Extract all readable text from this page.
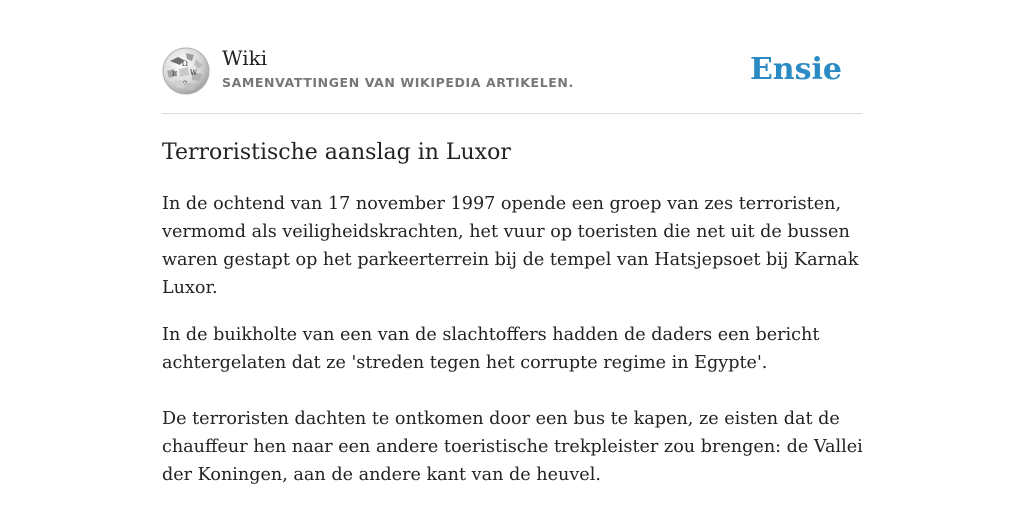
Ω
W
И
ウ
Wiki
SAMENVATTINGEN VAN WIKIPEDIA ARTIKELEN.	Ensie
Terroristische aanslag in Luxor

In de ochtend van 17 november 1997 opende een groep van zes terroristen,
vermomd als veiligheidskrachten, het vuur op toeristen die net uit de bussen
waren gestapt op het parkeerterrein bij de tempel van Hatsjepsoet bij Karnak
Luxor.

In de buikholte van een van de slachtoffers hadden de daders een bericht
achtergelaten dat ze 'streden tegen het corrupte regime in Egypte'.

De terroristen dachten te ontkomen door een bus te kapen, ze eisten dat de
chauffeur hen naar een andere toeristische trekpleister zou brengen: de Vallei
der Koningen, aan de andere kant van de heuvel.
